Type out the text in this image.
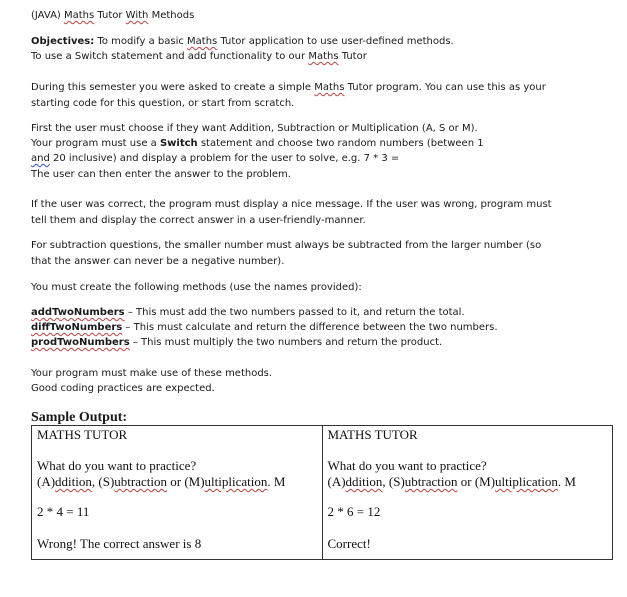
(JAVA) Maths Tutor With Methods
Objectives: To modify a basic Maths Tutor application to use user-defined methods.
To use a Switch statement and add functionality to our Maths Tutor
During this semester you were asked to create a simple Maths Tutor program. You can use this as your
starting code for this question, or start from scratch.
First the user must choose if they want Addition, Subtraction or Multiplication (A, S or M).
Your program must use a Switch statement and choose two random numbers (between 1
and 20 inclusive) and display a problem for the user to solve, e.g. 7 * 3 =
The user can then enter the answer to the problem.
If the user was correct, the program must display a nice message. If the user was wrong, program must
tell them and display the correct answer in a user-friendly-manner.
For subtraction questions, the smaller number must always be subtracted from the larger number (so
that the answer can never be a negative number).
You must create the following methods (use the names provided):
addTwoNumbers – This must add the two numbers passed to it, and return the total.
diffTwoNumbers – This must calculate and return the difference between the two numbers.
prodTwoNumbers – This must multiply the two numbers and return the product.
Your program must make use of these methods.
Good coding practices are expected.
Sample Output:
MATHS TUTOR
What do you want to practice?
(A)ddition, (S)ubtraction or (M)ultiplication. M
2 * 4 = 11
Wrong! The correct answer is 8

MATHS TUTOR
What do you want to practice?
(A)ddition, (S)ubtraction or (M)ultiplication. M
2 * 6 = 12
Correct!
